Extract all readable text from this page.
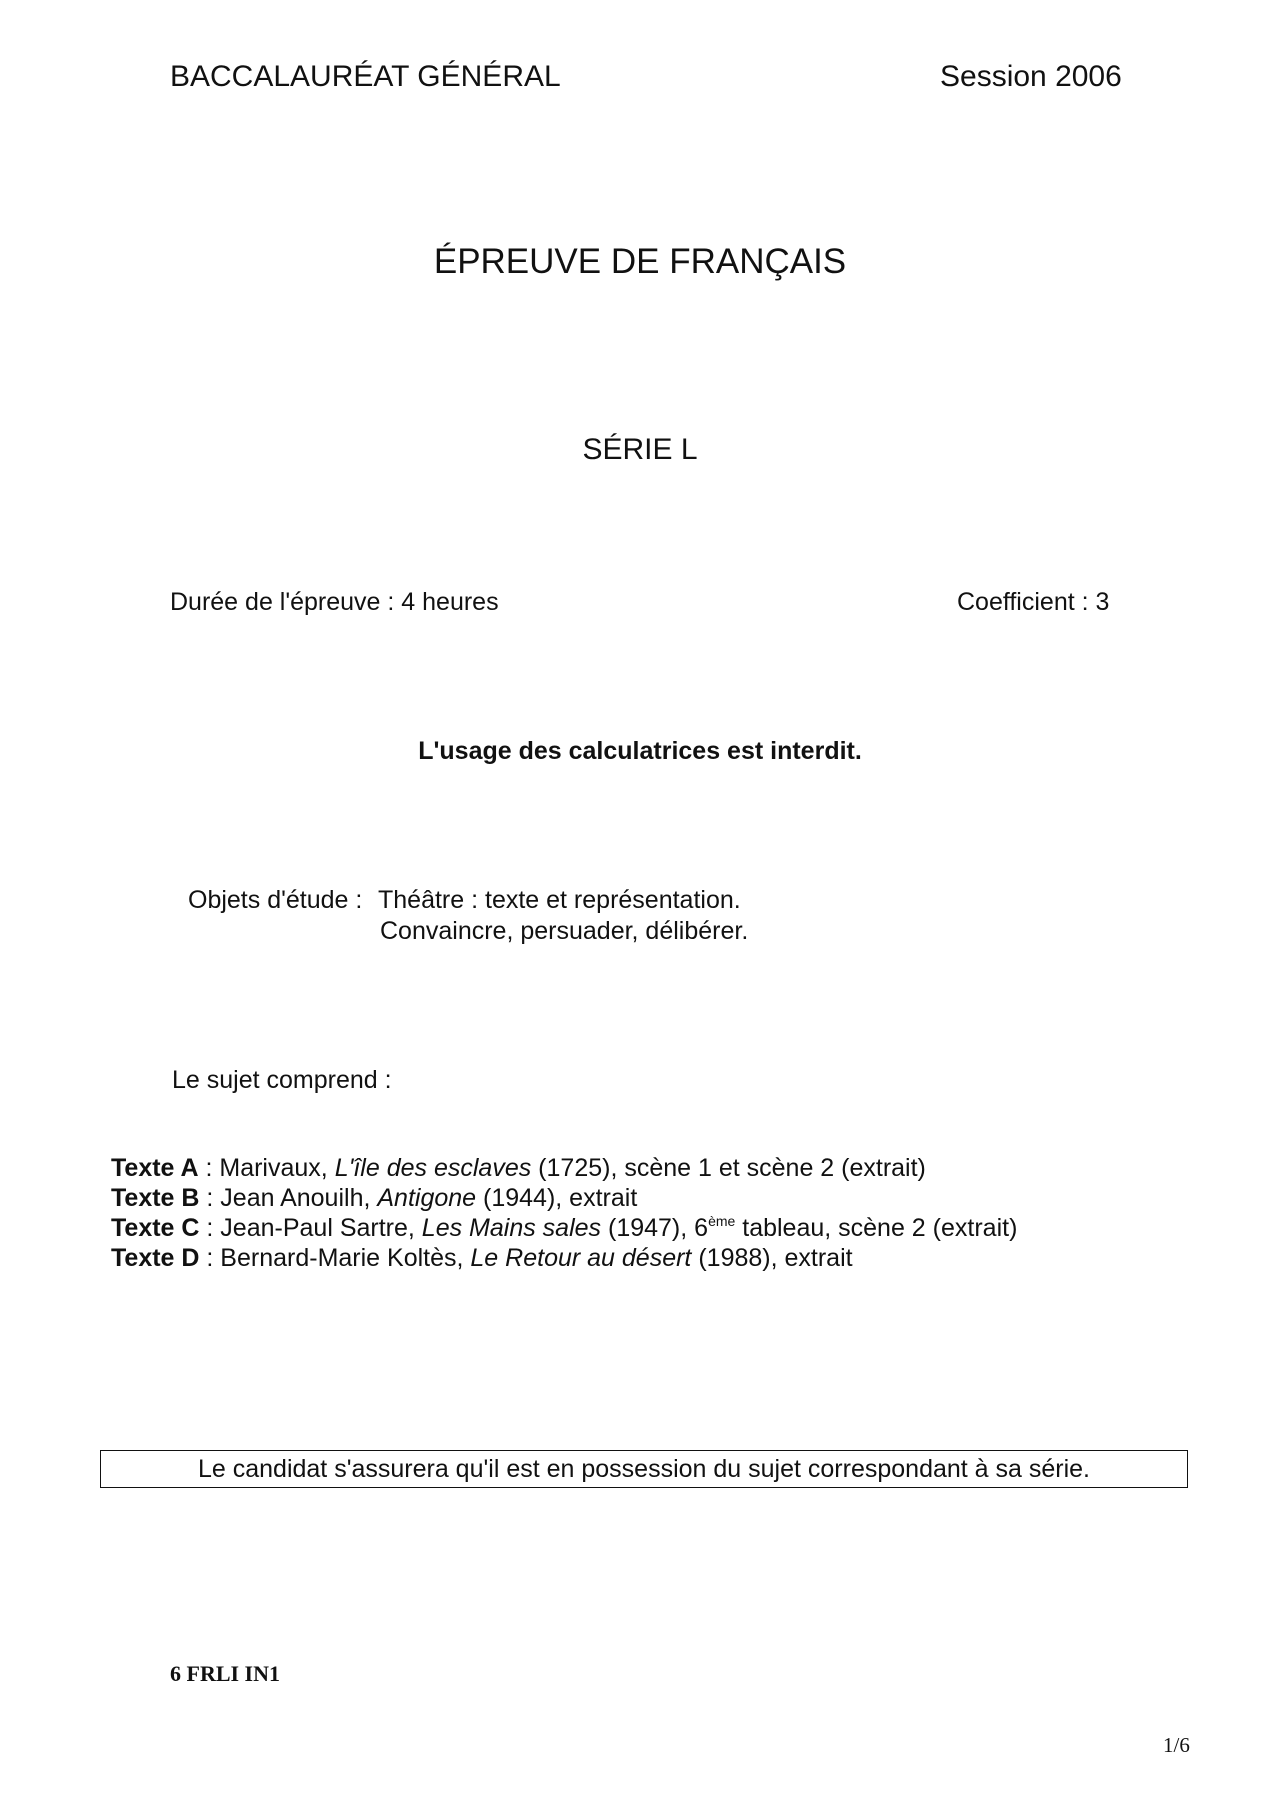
BACCALAURÉAT GÉNÉRAL	Session 2006
ÉPREUVE DE FRANÇAIS
SÉRIE L
Durée de l'épreuve : 4 heures	Coefficient : 3
L'usage des calculatrices est interdit.
Objets d'étude : Théâtre : texte et représentation.
Convaincre, persuader, délibérer.
Le sujet comprend :
Texte A : Marivaux, L'île des esclaves (1725), scène 1 et scène 2 (extrait)
Texte B : Jean Anouilh, Antigone (1944), extrait
Texte C : Jean-Paul Sartre, Les Mains sales (1947), 6ème tableau, scène 2 (extrait)
Texte D : Bernard-Marie Koltès, Le Retour au désert (1988), extrait
Le candidat s'assurera qu'il est en possession du sujet correspondant à sa série.
6 FRLI IN1
1/6
